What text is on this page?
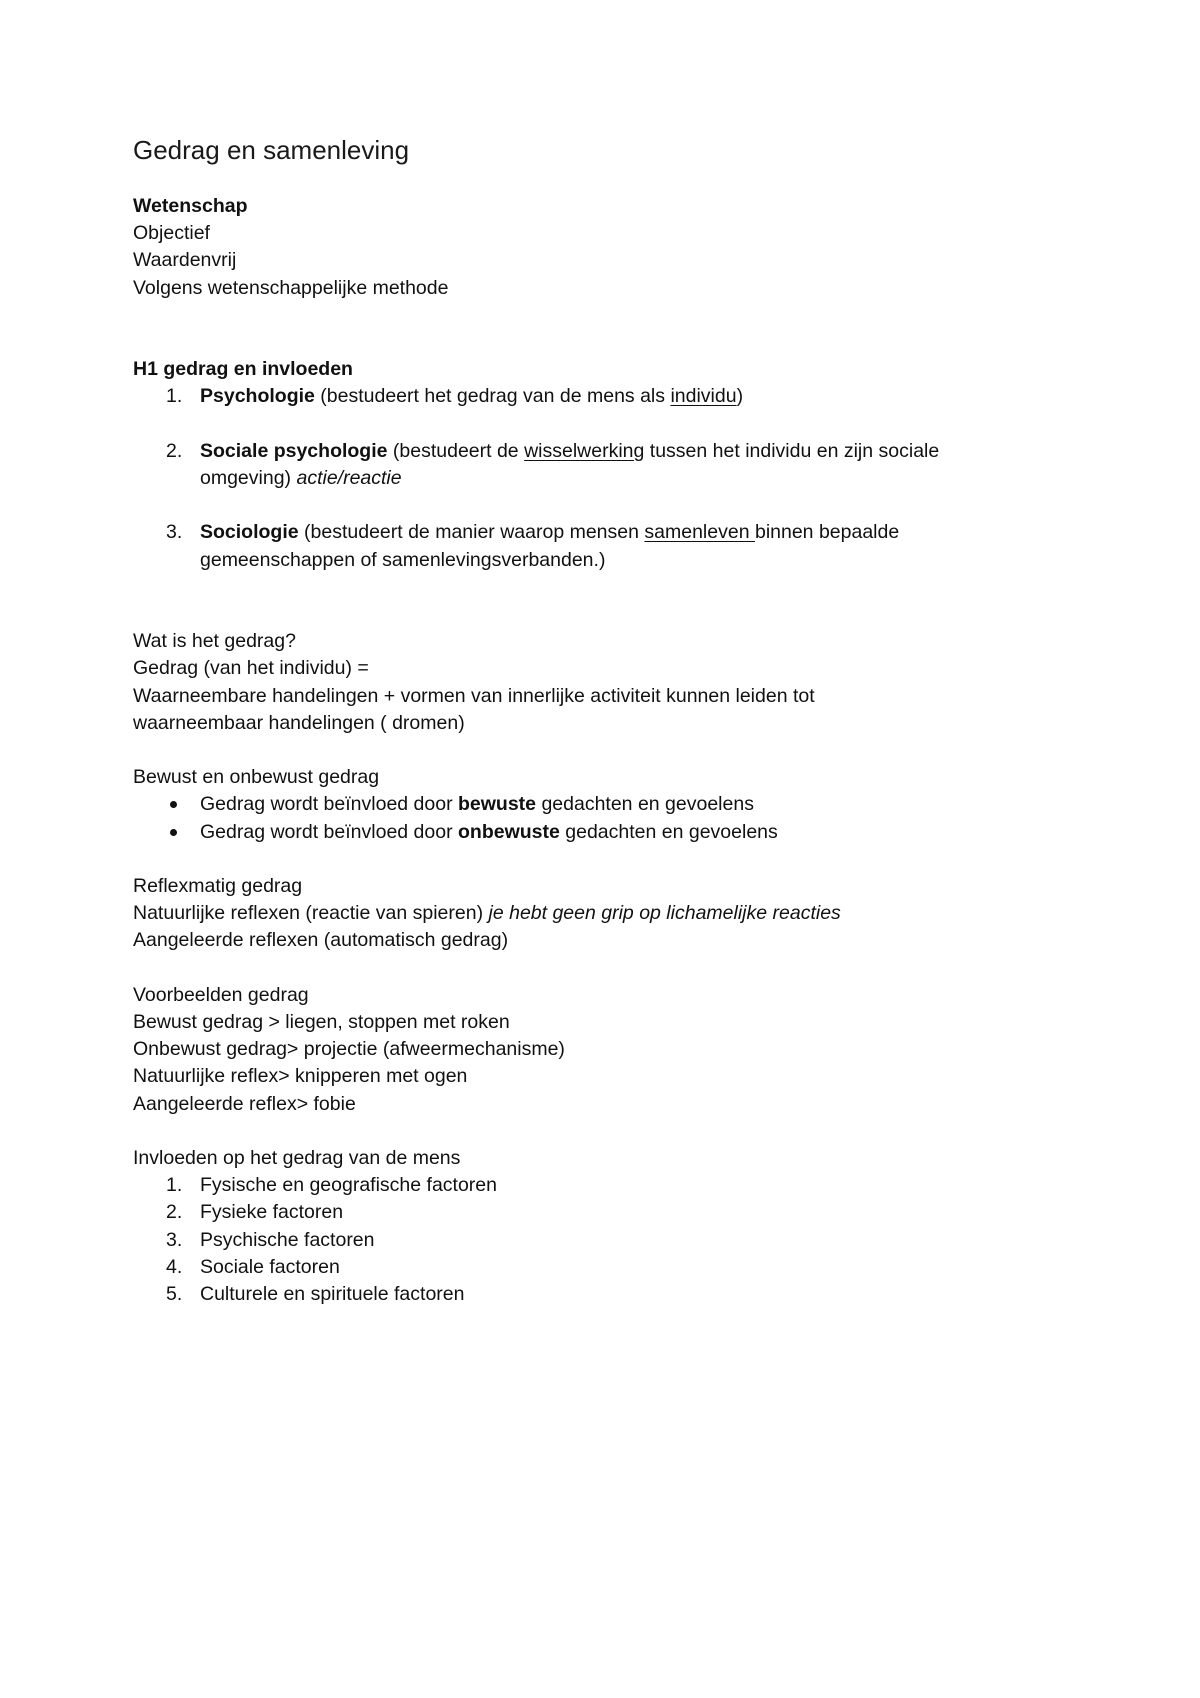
Gedrag en samenleving
Wetenschap
Objectief
Waardenvrij
Volgens wetenschappelijke methode
H1 gedrag en invloeden
1. Psychologie (bestudeert het gedrag van de mens als individu)
2. Sociale psychologie (bestudeert de wisselwerking tussen het individu en zijn sociale omgeving) actie/reactie
3. Sociologie (bestudeert de manier waarop mensen samenleven binnen bepaalde gemeenschappen of samenlevingsverbanden.)
Wat is het gedrag?
Gedrag (van het individu) =
Waarneembare handelingen + vormen van innerlijke activiteit kunnen leiden tot
waarneembaar handelingen ( dromen)
Bewust en onbewust gedrag
Gedrag wordt beïnvloed door bewuste gedachten en gevoelens
Gedrag wordt beïnvloed door onbewuste gedachten en gevoelens
Reflexmatig gedrag
Natuurlijke reflexen (reactie van spieren) je hebt geen grip op lichamelijke reacties
Aangeleerde reflexen (automatisch gedrag)
Voorbeelden gedrag
Bewust gedrag > liegen, stoppen met roken
Onbewust gedrag> projectie (afweermechanisme)
Natuurlijke reflex> knipperen met ogen
Aangeleerde reflex> fobie
Invloeden op het gedrag van de mens
1. Fysische en geografische factoren
2. Fysieke factoren
3. Psychische factoren
4. Sociale factoren
5. Culturele en spirituele factoren
